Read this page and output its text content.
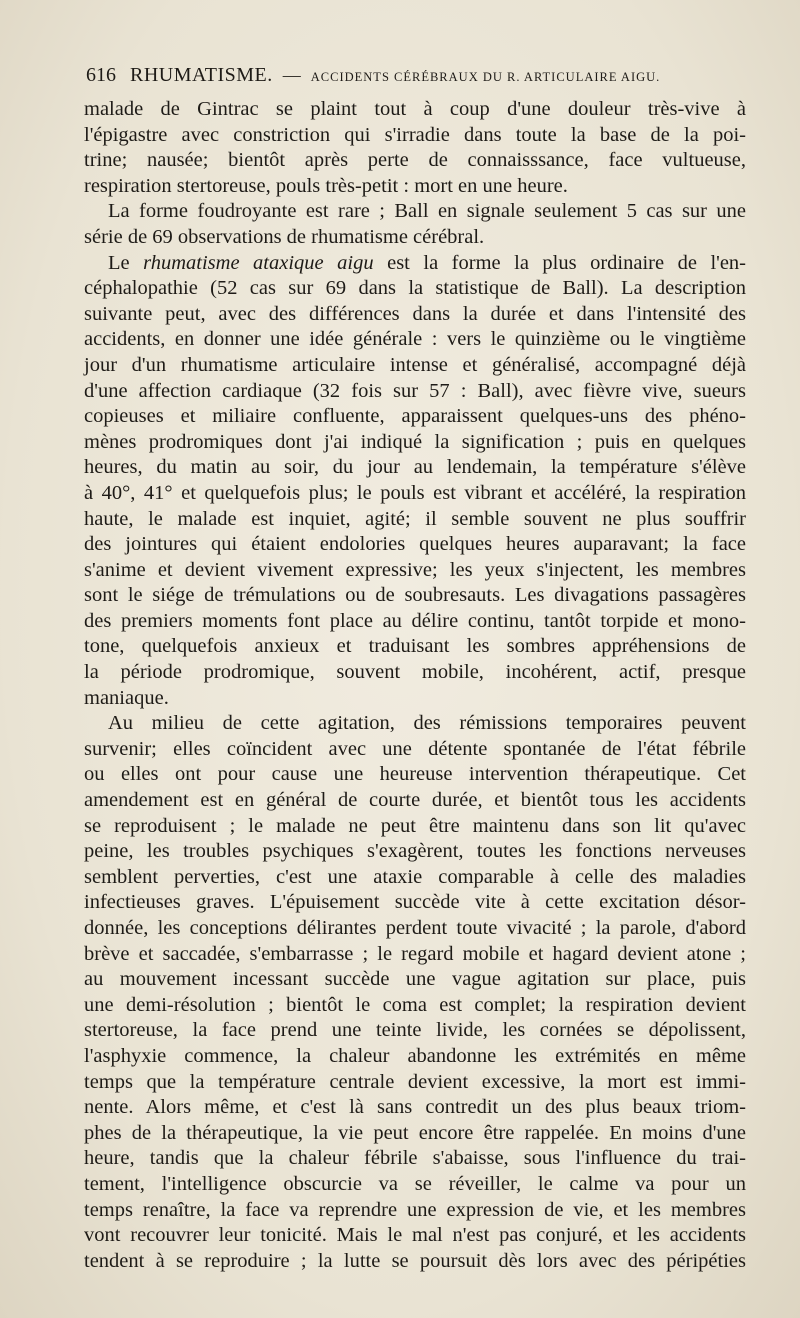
616 RHUMATISME. — ACCIDENTS CÉRÉBRAUX DU R. ARTICULAIRE AIGU.
malade de Gintrac se plaint tout à coup d'une douleur très-vive à
l'épigastre avec constriction qui s'irradie dans toute la base de la poi-
trine; nausée; bientôt après perte de connaisssance, face vultueuse,
respiration stertoreuse, pouls très-petit : mort en une heure.
La forme foudroyante est rare ; Ball en signale seulement 5 cas sur une
série de 69 observations de rhumatisme cérébral.
Le rhumatisme ataxique aigu est la forme la plus ordinaire de l'en-
céphalopathie (52 cas sur 69 dans la statistique de Ball). La description
suivante peut, avec des différences dans la durée et dans l'intensité des
accidents, en donner une idée générale : vers le quinzième ou le vingtième
jour d'un rhumatisme articulaire intense et généralisé, accompagné déjà
d'une affection cardiaque (32 fois sur 57 : Ball), avec fièvre vive, sueurs
copieuses et miliaire confluente, apparaissent quelques-uns des phéno-
mènes prodromiques dont j'ai indiqué la signification ; puis en quelques
heures, du matin au soir, du jour au lendemain, la température s'élève
à 40°, 41° et quelquefois plus; le pouls est vibrant et accéléré, la respiration
haute, le malade est inquiet, agité; il semble souvent ne plus souffrir
des jointures qui étaient endolories quelques heures auparavant; la face
s'anime et devient vivement expressive; les yeux s'injectent, les membres
sont le siége de trémulations ou de soubresauts. Les divagations passagères
des premiers moments font place au délire continu, tantôt torpide et mono-
tone, quelquefois anxieux et traduisant les sombres appréhensions de
la période prodromique, souvent mobile, incohérent, actif, presque
maniaque.
Au milieu de cette agitation, des rémissions temporaires peuvent
survenir; elles coïncident avec une détente spontanée de l'état fébrile
ou elles ont pour cause une heureuse intervention thérapeutique. Cet
amendement est en général de courte durée, et bientôt tous les accidents
se reproduisent ; le malade ne peut être maintenu dans son lit qu'avec
peine, les troubles psychiques s'exagèrent, toutes les fonctions nerveuses
semblent perverties, c'est une ataxie comparable à celle des maladies
infectieuses graves. L'épuisement succède vite à cette excitation désor-
donnée, les conceptions délirantes perdent toute vivacité ; la parole, d'abord
brève et saccadée, s'embarrasse ; le regard mobile et hagard devient atone ;
au mouvement incessant succède une vague agitation sur place, puis
une demi-résolution ; bientôt le coma est complet; la respiration devient
stertoreuse, la face prend une teinte livide, les cornées se dépolissent,
l'asphyxie commence, la chaleur abandonne les extrémités en même
temps que la température centrale devient excessive, la mort est immi-
nente. Alors même, et c'est là sans contredit un des plus beaux triom-
phes de la thérapeutique, la vie peut encore être rappelée. En moins d'une
heure, tandis que la chaleur fébrile s'abaisse, sous l'influence du trai-
tement, l'intelligence obscurcie va se réveiller, le calme va pour un
temps renaître, la face va reprendre une expression de vie, et les membres
vont recouvrer leur tonicité. Mais le mal n'est pas conjuré, et les accidents
tendent à se reproduire ; la lutte se poursuit dès lors avec des péripéties
